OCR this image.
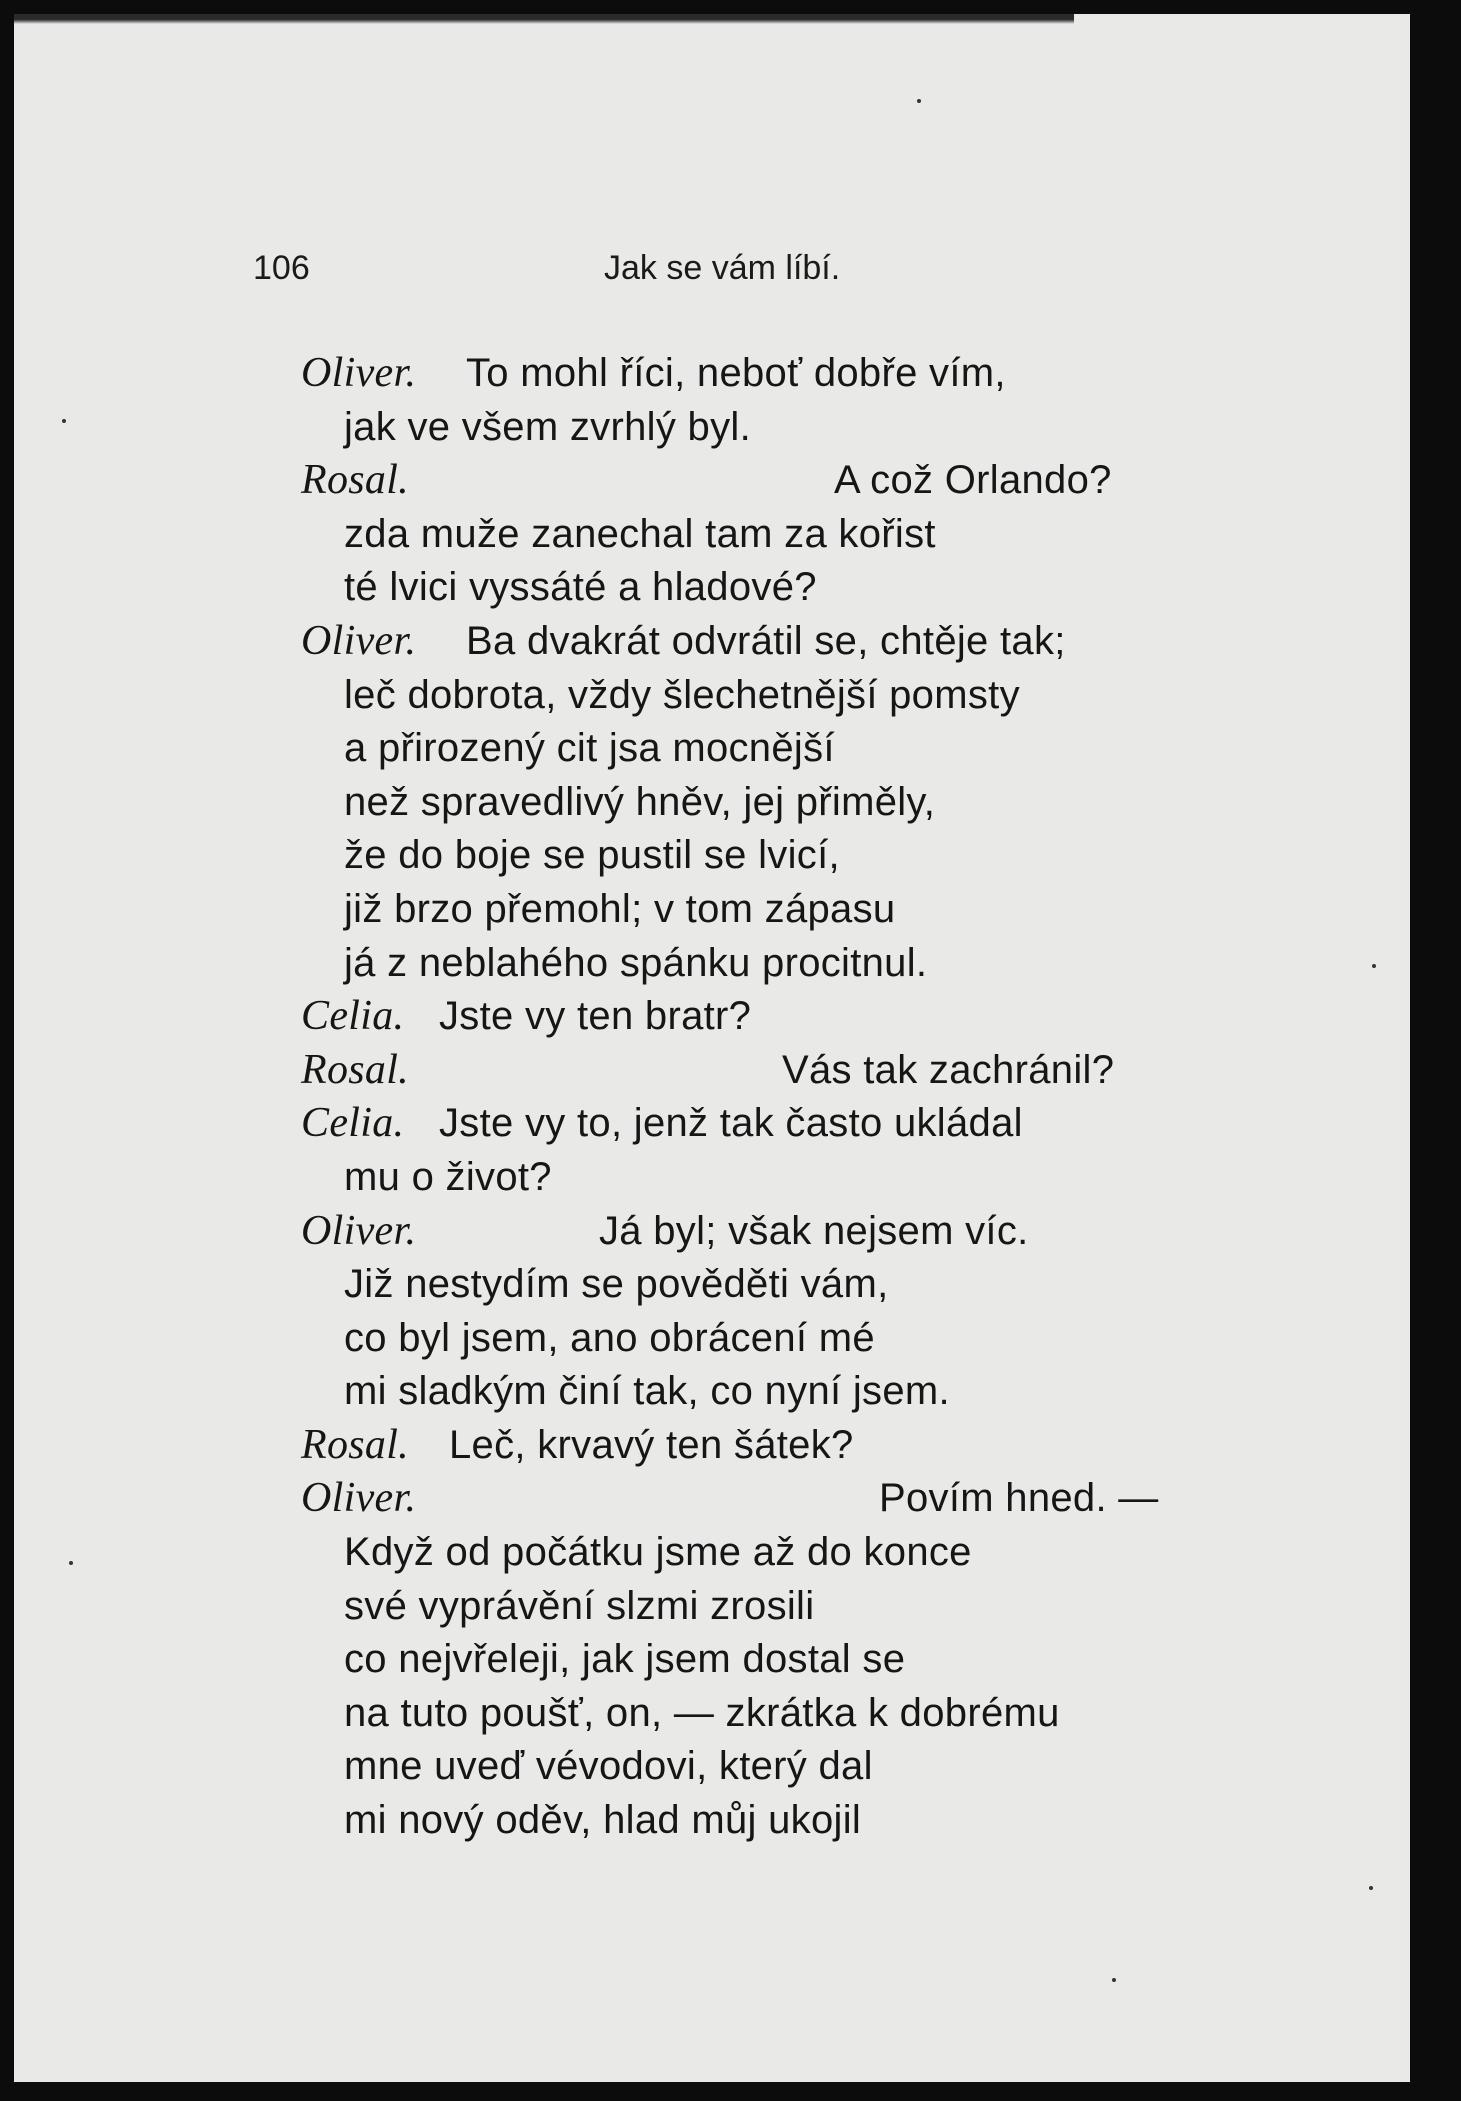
106	Jak se vám líbí.
Oliver. To mohl říci, neboť dobře vím,
jak ve všem zvrhlý byl.
Rosal.	A což Orlando?
zda muže zanechal tam za kořist
té lvici vyssáté a hladové?
Oliver. Ba dvakrát odvrátil se, chtěje tak;
leč dobrota, vždy šlechetnější pomsty
a přirozený cit jsa mocnější
než spravedlivý hněv, jej přiměly,
že do boje se pustil se lvicí,
již brzo přemohl; v tom zápasu
já z neblahého spánku procitnul.
Celia. Jste vy ten bratr?
Rosal.	Vás tak zachránil?
Celia. Jste vy to, jenž tak často ukládal
mu o život?
Oliver.	Já byl; však nejsem víc.
Již nestydím se pověděti vám,
co byl jsem, ano obrácení mé
mi sladkým činí tak, co nyní jsem.
Rosal. Leč, krvavý ten šátek?
Oliver.	Povím hned. —
Když od počátku jsme až do konce
své vyprávění slzmi zrosili
co nejvřeleji, jak jsem dostal se
na tuto poušť, on, — zkrátka k dobrému
mne uveď vévodovi, který dal
mi nový oděv, hlad můj ukojil
